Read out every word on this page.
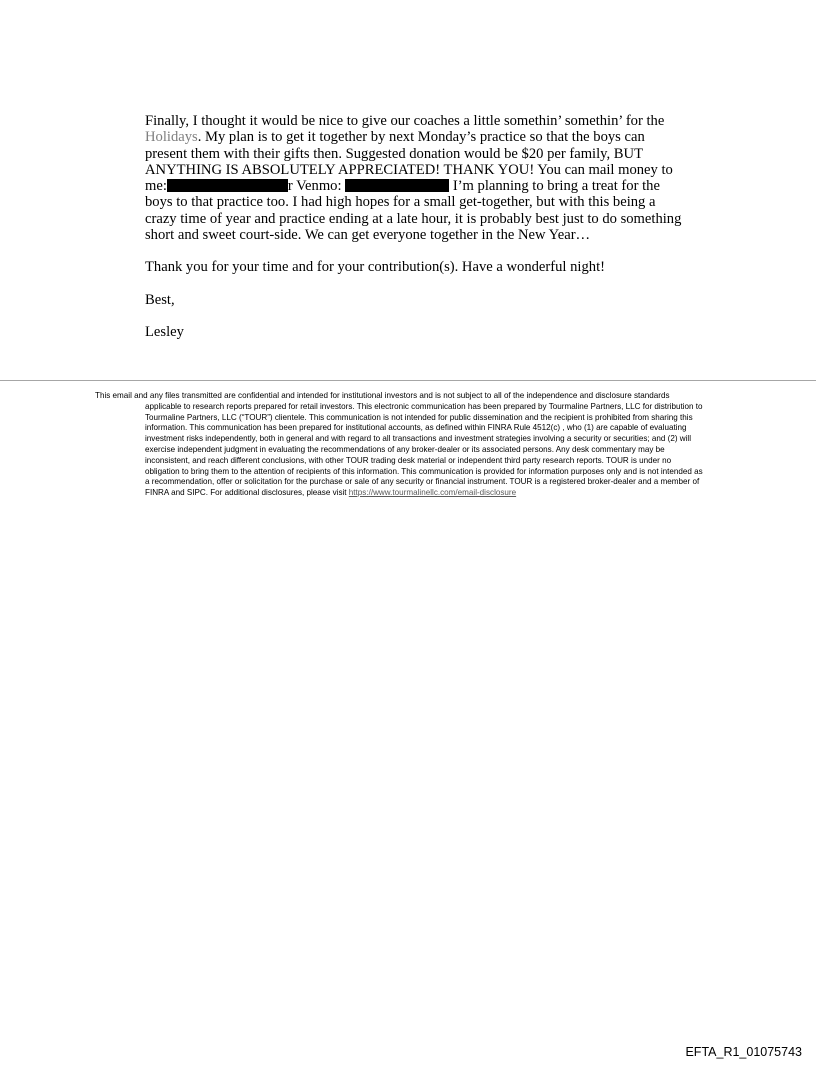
Finally, I thought it would be nice to give our coaches a little somethin’ somethin’ for the Holidays. My plan is to get it together by next Monday’s practice so that the boys can present them with their gifts then. Suggested donation would be $20 per family, BUT ANYTHING IS ABSOLUTELY APPRECIATED! THANK YOU! You can mail money to me:	r Venmo:	I’m planning to bring a treat for the boys to that practice too. I had high hopes for a small get-together, but with this being a crazy time of year and practice ending at a late hour, it is probably best just to do something short and sweet court-side. We can get everyone together in the New Year…

Thank you for your time and for your contribution(s). Have a wonderful night!

Best,

Lesley

This email and any files transmitted are confidential and intended for institutional investors and is not subject to all of the independence and disclosure standards applicable to research reports prepared for retail investors. This electronic communication has been prepared by Tourmaline Partners, LLC for distribution to Tourmaline Partners, LLC (“TOUR”) clientele. This communication is not intended for public dissemination and the recipient is prohibited from sharing this information. This communication has been prepared for institutional accounts, as defined within FINRA Rule 4512(c) , who (1) are capable of evaluating investment risks independently, both in general and with regard to all transactions and investment strategies involving a security or securities; and (2) will exercise independent judgment in evaluating the recommendations of any broker-dealer or its associated persons. Any desk commentary may be inconsistent, and reach different conclusions, with other TOUR trading desk material or independent third party research reports. TOUR is under no obligation to bring them to the attention of recipients of this information. This communication is provided for information purposes only and is not intended as a recommendation, offer or solicitation for the purchase or sale of any security or financial instrument. TOUR is a registered broker-dealer and a member of FINRA and SIPC. For additional disclosures, please visit https://www.tourmalinellc.com/email-disclosure
EFTA_R1_01075743
